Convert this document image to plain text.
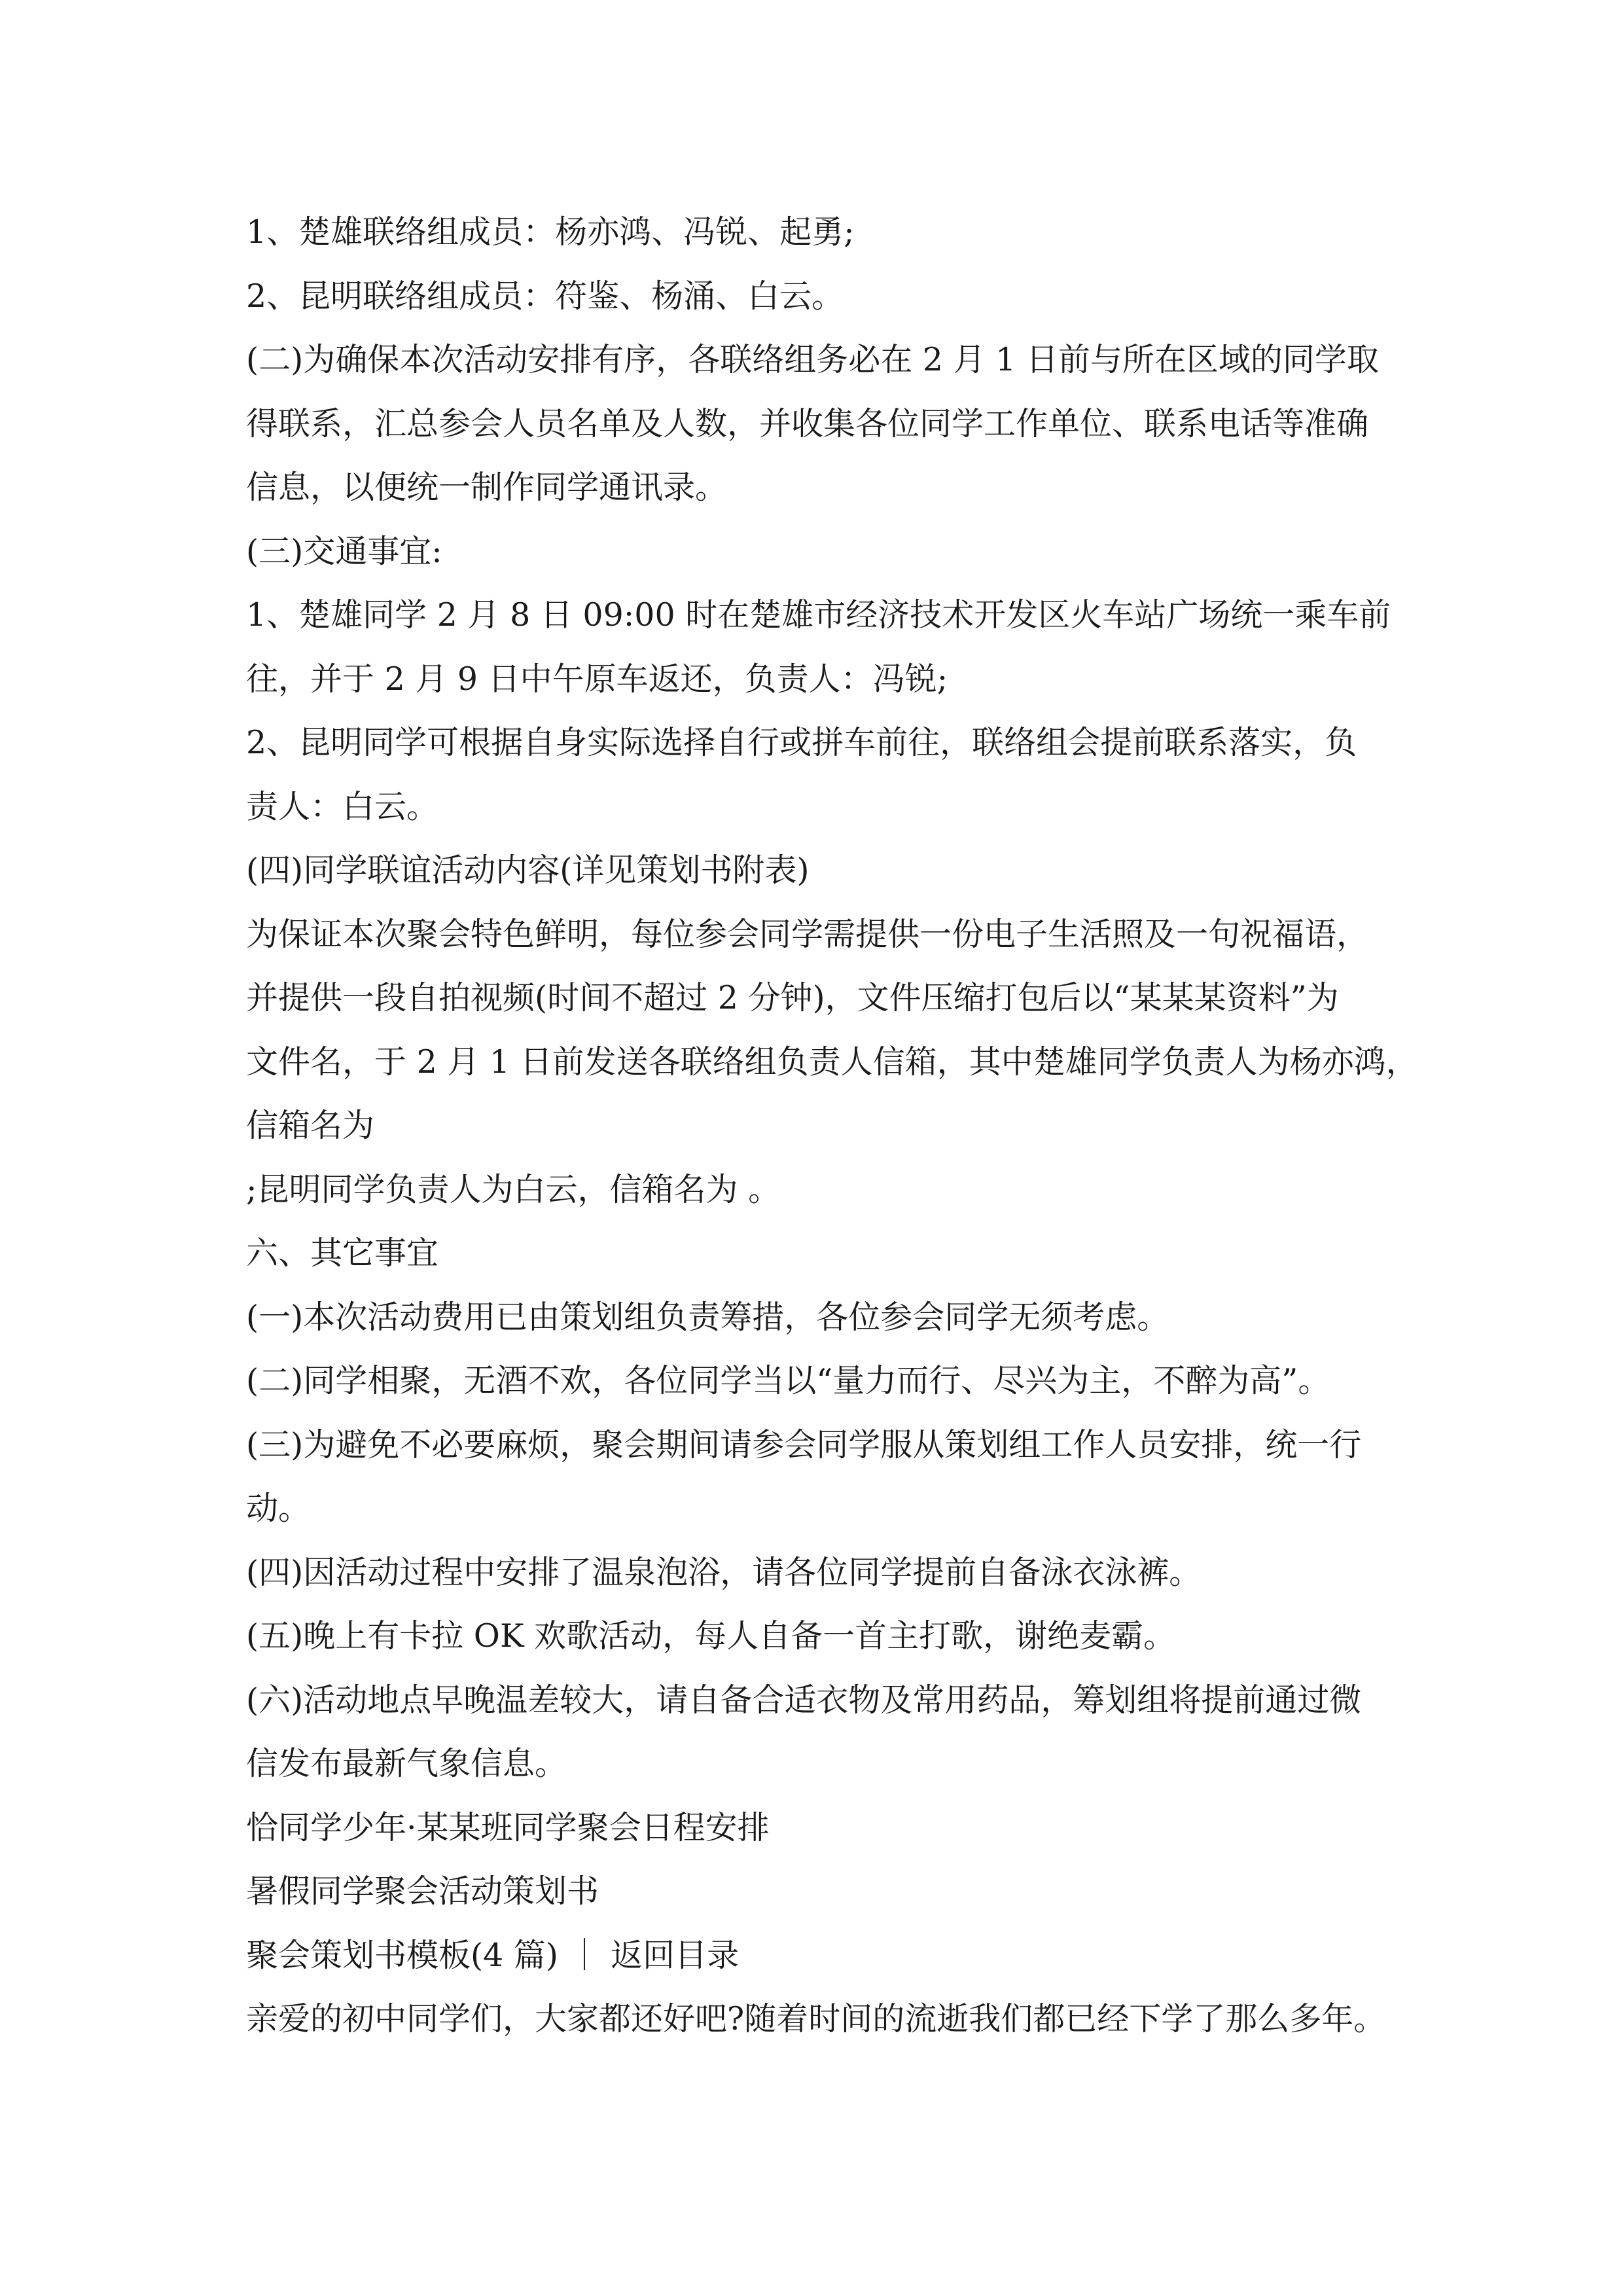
1、楚雄联络组成员：杨亦鸿、冯锐、起勇;
2、昆明联络组成员：符鉴、杨涌、白云。
(二)为确保本次活动安排有序，各联络组务必在 2 月 1 日前与所在区域的同学取
得联系，汇总参会人员名单及人数，并收集各位同学工作单位、联系电话等准确
信息，以便统一制作同学通讯录。
(三)交通事宜:
1、楚雄同学 2 月 8 日 09:00 时在楚雄市经济技术开发区火车站广场统一乘车前
往，并于 2 月 9 日中午原车返还，负责人：冯锐;
2、昆明同学可根据自身实际选择自行或拼车前往，联络组会提前联系落实，负
责人：白云。
(四)同学联谊活动内容(详见策划书附表)
为保证本次聚会特色鲜明，每位参会同学需提供一份电子生活照及一句祝福语，
并提供一段自拍视频(时间不超过 2 分钟)，文件压缩打包后以“某某某资料”为
文件名，于 2 月 1 日前发送各联络组负责人信箱，其中楚雄同学负责人为杨亦鸿，
信箱名为
;昆明同学负责人为白云，信箱名为 。
六、其它事宜
(一)本次活动费用已由策划组负责筹措，各位参会同学无须考虑。
(二)同学相聚，无酒不欢，各位同学当以“量力而行、尽兴为主，不醉为高”。
(三)为避免不必要麻烦，聚会期间请参会同学服从策划组工作人员安排，统一行
动。
(四)因活动过程中安排了温泉泡浴，请各位同学提前自备泳衣泳裤。
(五)晚上有卡拉 OK 欢歌活动，每人自备一首主打歌，谢绝麦霸。
(六)活动地点早晚温差较大，请自备合适衣物及常用药品，筹划组将提前通过微
信发布最新气象信息。
恰同学少年·某某班同学聚会日程安排
暑假同学聚会活动策划书
聚会策划书模板(4 篇) ｜ 返回目录
亲爱的初中同学们，大家都还好吧?随着时间的流逝我们都已经下学了那么多年。
